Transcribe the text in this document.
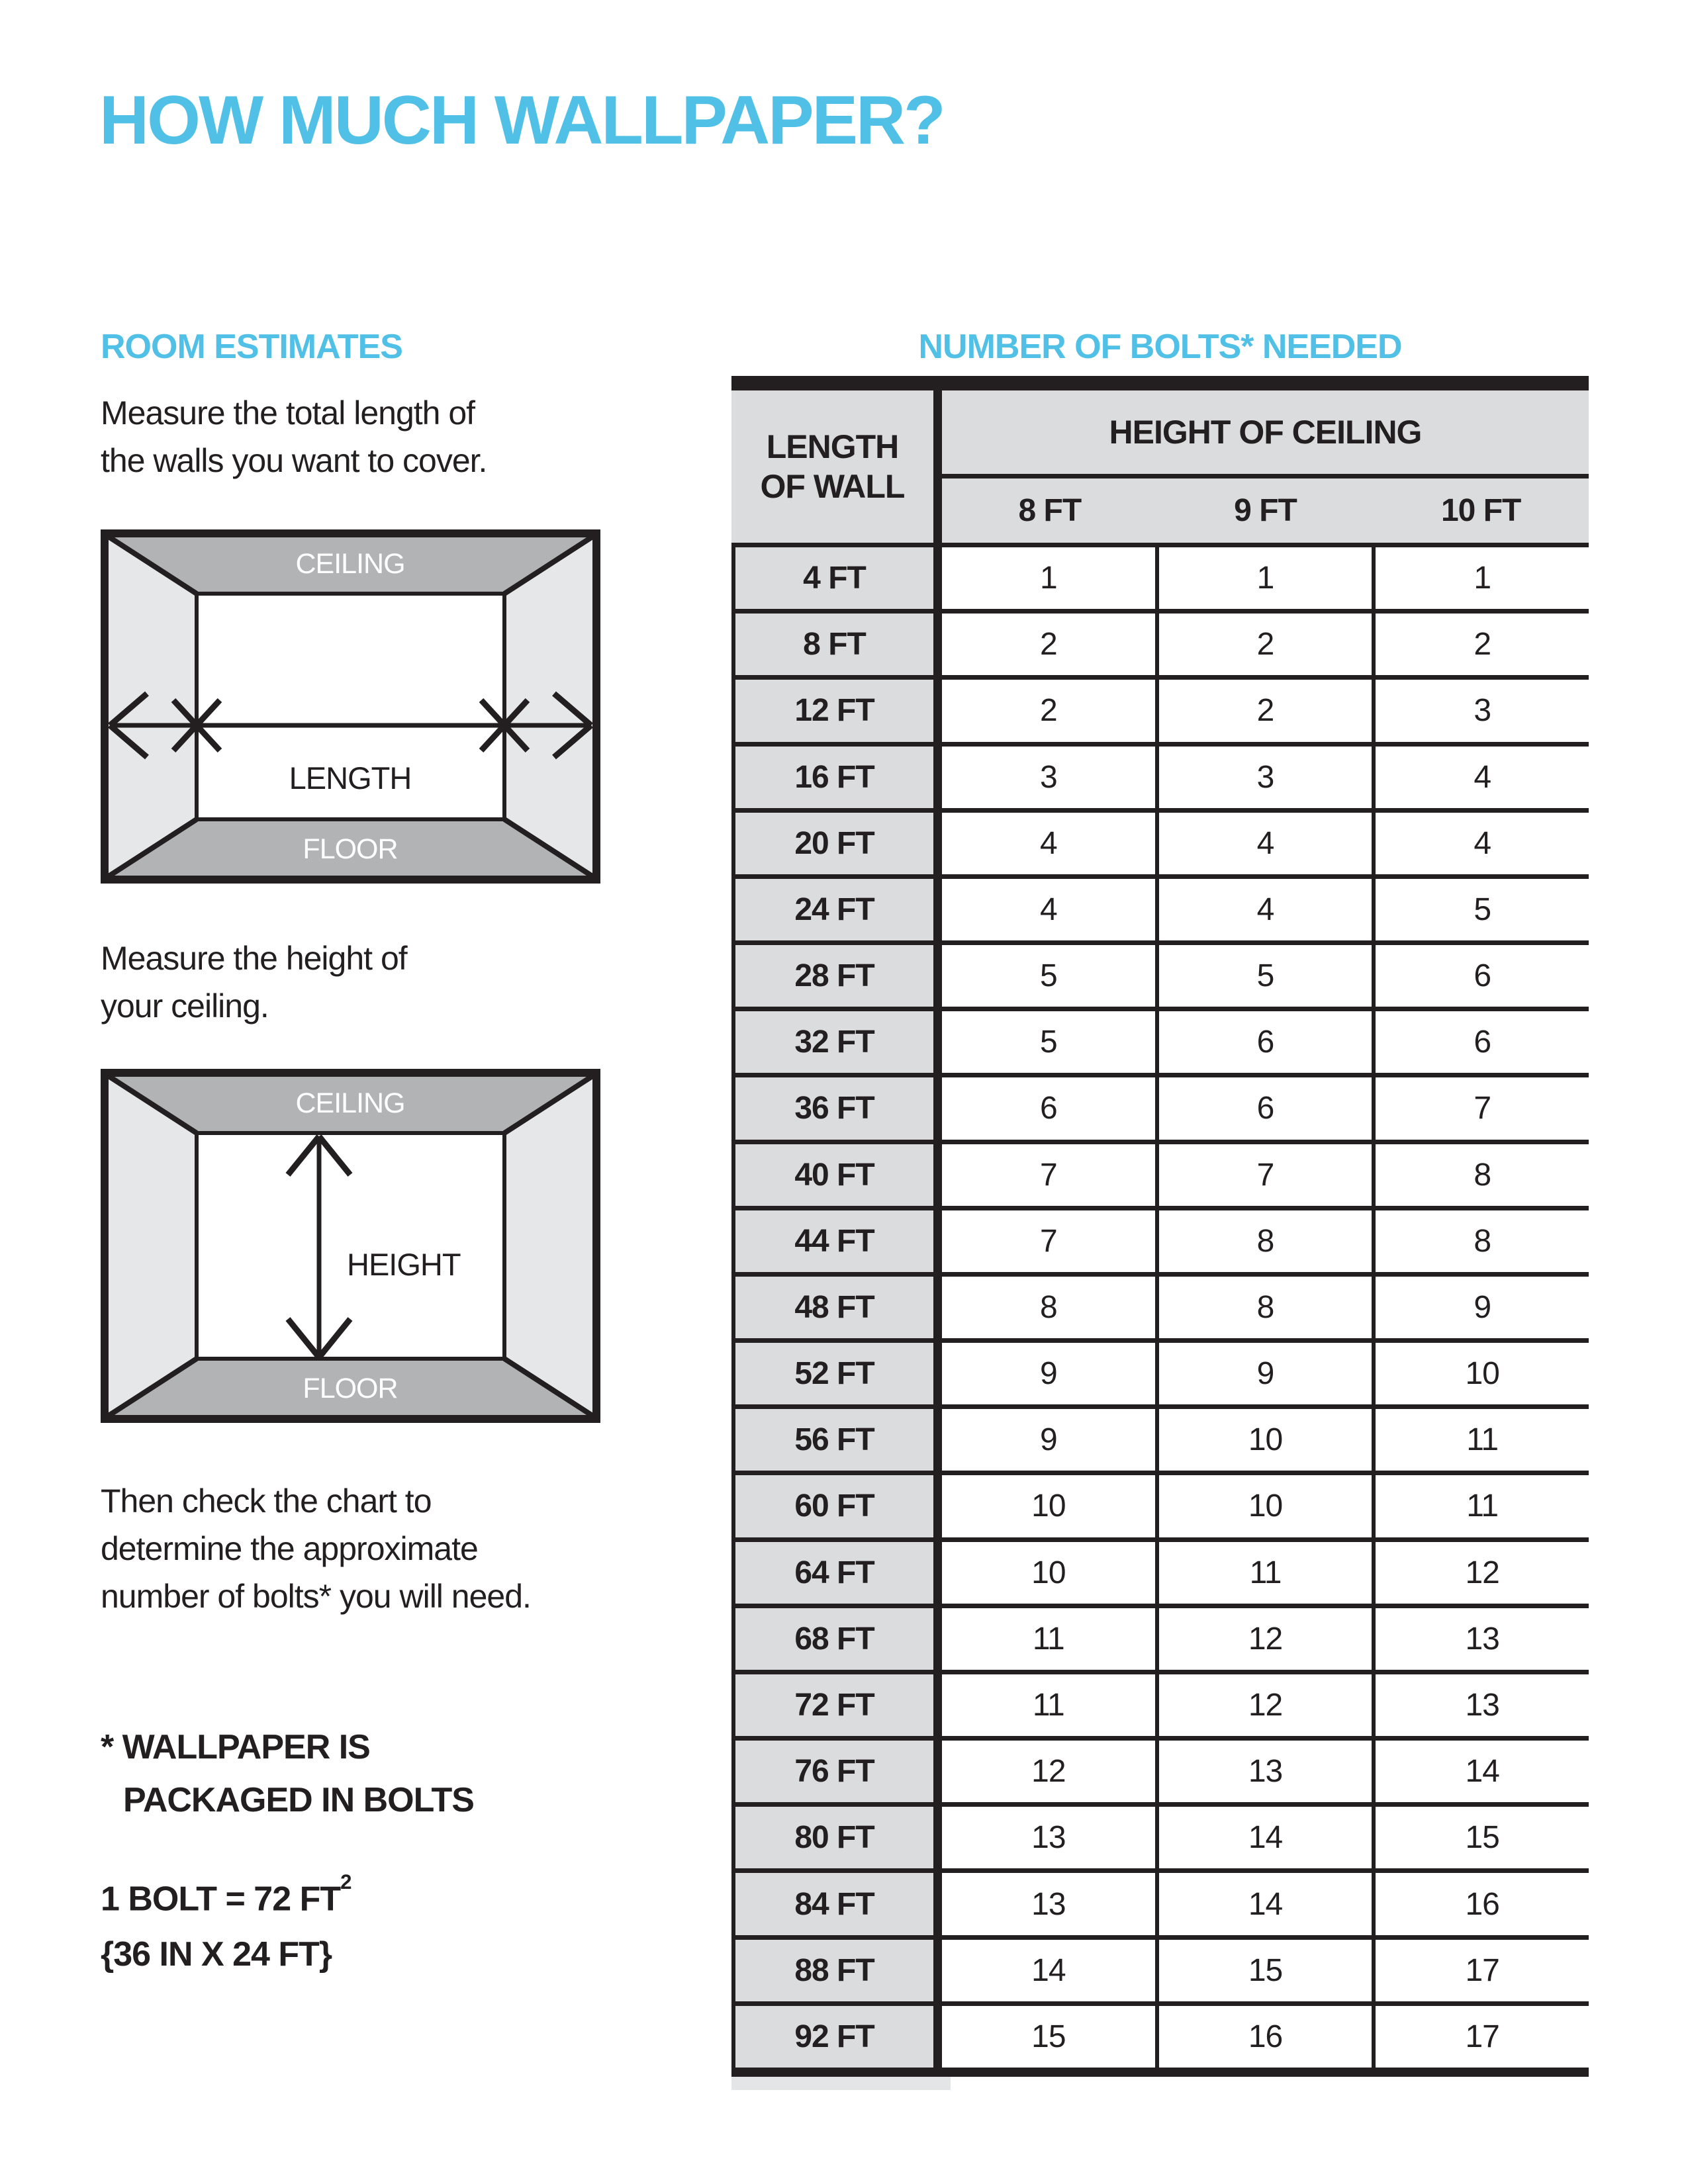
HOW MUCH WALLPAPER?
ROOM ESTIMATES	NUMBER OF BOLTS* NEEDED
Measure the total length of
the walls you want to cover.
CEILING
FLOOR
LENGTH
Measure the height of
your ceiling.
CEILING
FLOOR
HEIGHT
Then check the chart to
determine the approximate
number of bolts* you will need.
* WALLPAPER IS
PACKAGED IN BOLTS
1 BOLT = 72 $FT^2$
{36 IN X 24 FT}
LENGTH
OF WALL
HEIGHT OF CEILING
8 FT	9 FT	10 FT
4 FT	1	1	1
8 FT	2	2	2
12 FT	2	2	3
16 FT	3	3	4
20 FT	4	4	4
24 FT	4	4	5
28 FT	5	5	6
32 FT	5	6	6
36 FT	6	6	7
40 FT	7	7	8
44 FT	7	8	8
48 FT	8	8	9
52 FT	9	9	10
56 FT	9	10	11
60 FT	10	10	11
64 FT	10	11	12
68 FT	11	12	13
72 FT	11	12	13
76 FT	12	13	14
80 FT	13	14	15
84 FT	13	14	16
88 FT	14	15	17
92 FT	15	16	17
